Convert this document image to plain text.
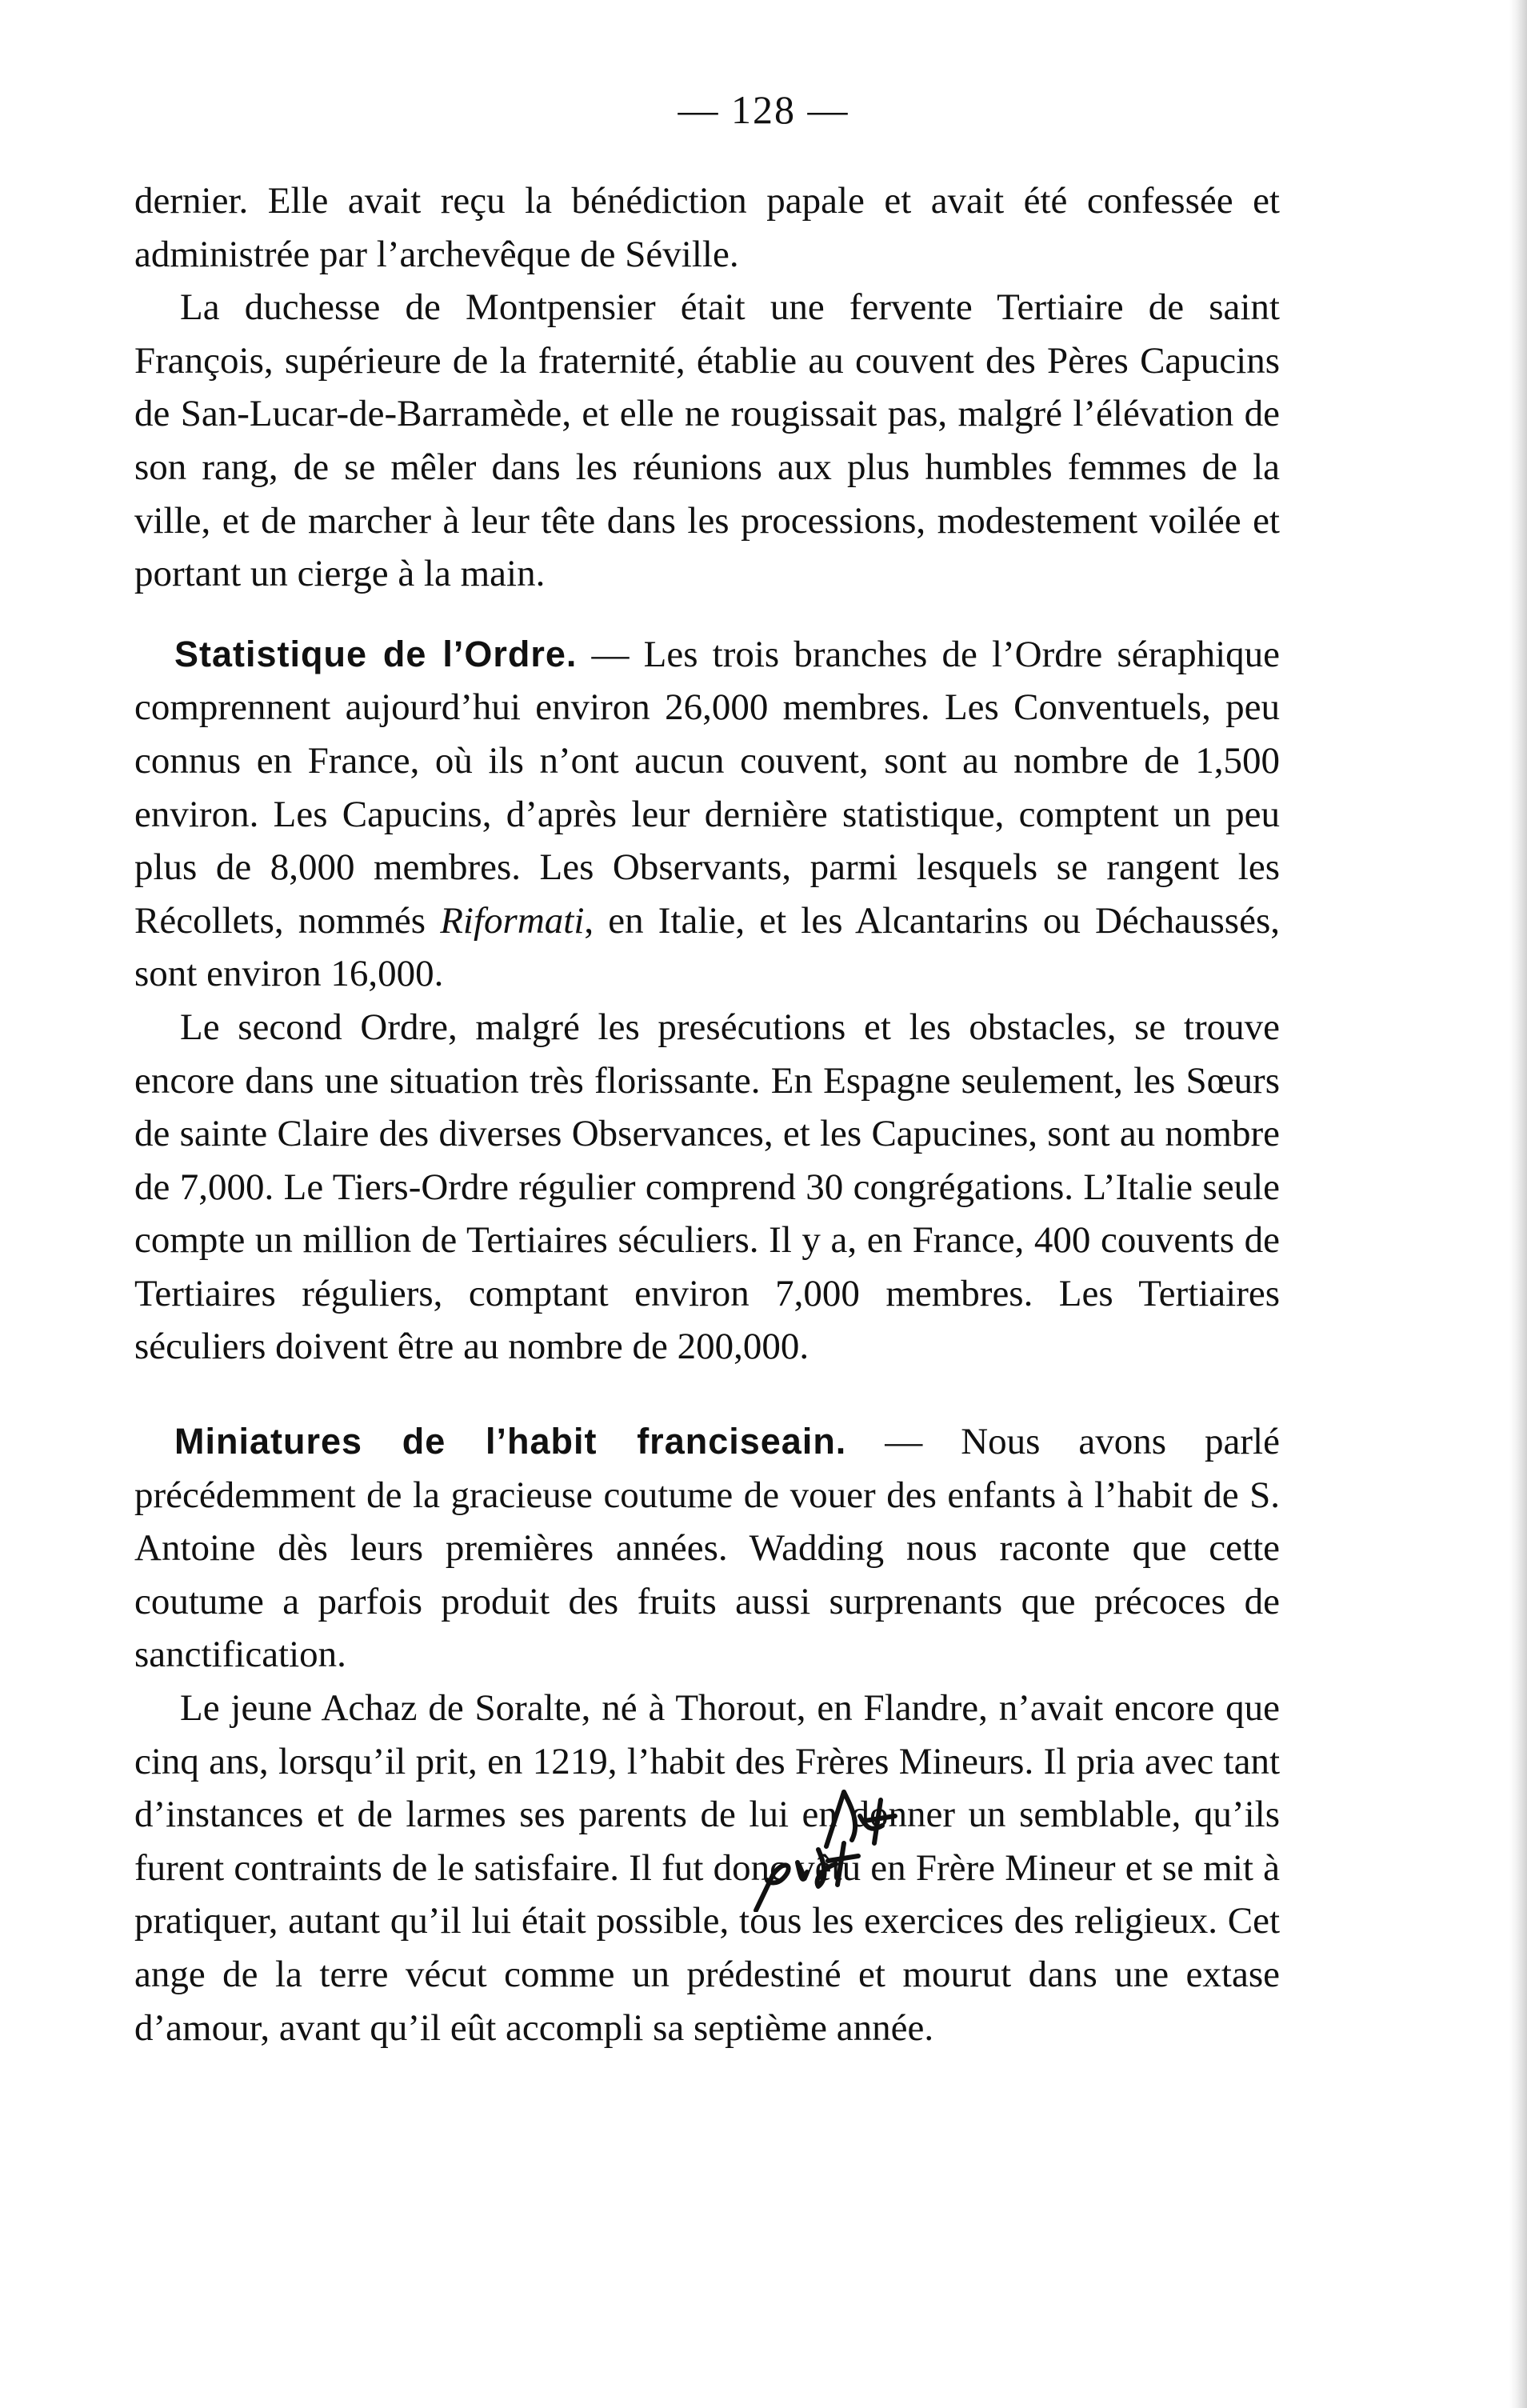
— 128 —

dernier. Elle avait reçu la bénédiction papale et avait été confessée et administrée par l’archevêque de Séville.

La duchesse de Montpensier était une fervente Tertiaire de saint François, supérieure de la fraternité, établie au couvent des Pères Capucins de San-Lucar-de-Barramède, et elle ne rougissait pas, malgré l’élévation de son rang, de se mêler dans les réunions aux plus humbles femmes de la ville, et de marcher à leur tête dans les processions, modestement voilée et portant un cierge à la main.

Statistique de l’Ordre. — Les trois branches de l’Ordre séraphique comprennent aujourd’hui environ 26,000 membres. Les Conventuels, peu connus en France, où ils n’ont aucun couvent, sont au nombre de 1,500 environ. Les Capucins, d’après leur dernière statistique, comptent un peu plus de 8,000 membres. Les Observants, parmi lesquels se rangent les Récollets, nommés Riformati, en Italie, et les Alcantarins ou Déchaussés, sont environ 16,000.

Le second Ordre, malgré les presécutions et les obstacles, se trouve encore dans une situation très florissante. En Espagne seulement, les Sœurs de sainte Claire des diverses Observances, et les Capucines, sont au nombre de 7,000. Le Tiers-Ordre régulier comprend 30 congrégations. L’Italie seule compte un million de Tertiaires séculiers. Il y a, en France, 400 couvents de Tertiaires réguliers, comptant environ 7,000 membres. Les Tertiaires séculiers doivent être au nombre de 200,000.

Miniatures de l’habit franciseain. — Nous avons parlé précédemment de la gracieuse coutume de vouer des enfants à l’habit de S. Antoine dès leurs premières années. Wadding nous raconte que cette coutume a parfois produit des fruits aussi surprenants que précoces de sanctification.

Le jeune Achaz de Soralte, né à Thorout, en Flandre, n’avait encore que cinq ans, lorsqu’il prit, en 1219, l’habit des Frères Mineurs. Il pria avec tant d’instances et de larmes ses parents de lui en donner un semblable, qu’ils furent contraints de le satisfaire. Il fut donc vêtu en Frère Mineur et se mit à pratiquer, autant qu’il lui était possible, tous les exercices des religieux. Cet ange de la terre vécut comme un prédestiné et mourut dans une extase d’amour, avant qu’il eût accompli sa septième année.
